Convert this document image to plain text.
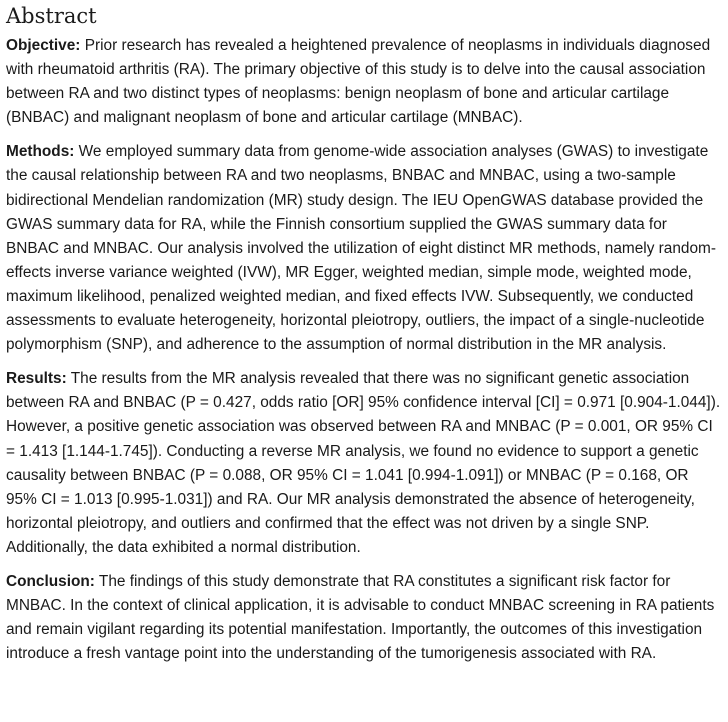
Abstract

Objective: Prior research has revealed a heightened prevalence of neoplasms in individuals diagnosed with rheumatoid arthritis (RA). The primary objective of this study is to delve into the causal association between RA and two distinct types of neoplasms: benign neoplasm of bone and articular cartilage (BNBAC) and malignant neoplasm of bone and articular cartilage (MNBAC).

Methods: We employed summary data from genome-wide association analyses (GWAS) to investigate the causal relationship between RA and two neoplasms, BNBAC and MNBAC, using a two-sample bidirectional Mendelian randomization (MR) study design. The IEU OpenGWAS database provided the GWAS summary data for RA, while the Finnish consortium supplied the GWAS summary data for BNBAC and MNBAC. Our analysis involved the utilization of eight distinct MR methods, namely random-effects inverse variance weighted (IVW), MR Egger, weighted median, simple mode, weighted mode, maximum likelihood, penalized weighted median, and fixed effects IVW. Subsequently, we conducted assessments to evaluate heterogeneity, horizontal pleiotropy, outliers, the impact of a single-nucleotide polymorphism (SNP), and adherence to the assumption of normal distribution in the MR analysis.

Results: The results from the MR analysis revealed that there was no significant genetic association between RA and BNBAC (P = 0.427, odds ratio [OR] 95% confidence interval [CI] = 0.971 [0.904-1.044]). However, a positive genetic association was observed between RA and MNBAC (P = 0.001, OR 95% CI = 1.413 [1.144-1.745]). Conducting a reverse MR analysis, we found no evidence to support a genetic causality between BNBAC (P = 0.088, OR 95% CI = 1.041 [0.994-1.091]) or MNBAC (P = 0.168, OR 95% CI = 1.013 [0.995-1.031]) and RA. Our MR analysis demonstrated the absence of heterogeneity, horizontal pleiotropy, and outliers and confirmed that the effect was not driven by a single SNP. Additionally, the data exhibited a normal distribution.

Conclusion: The findings of this study demonstrate that RA constitutes a significant risk factor for MNBAC. In the context of clinical application, it is advisable to conduct MNBAC screening in RA patients and remain vigilant regarding its potential manifestation. Importantly, the outcomes of this investigation introduce a fresh vantage point into the understanding of the tumorigenesis associated with RA.
